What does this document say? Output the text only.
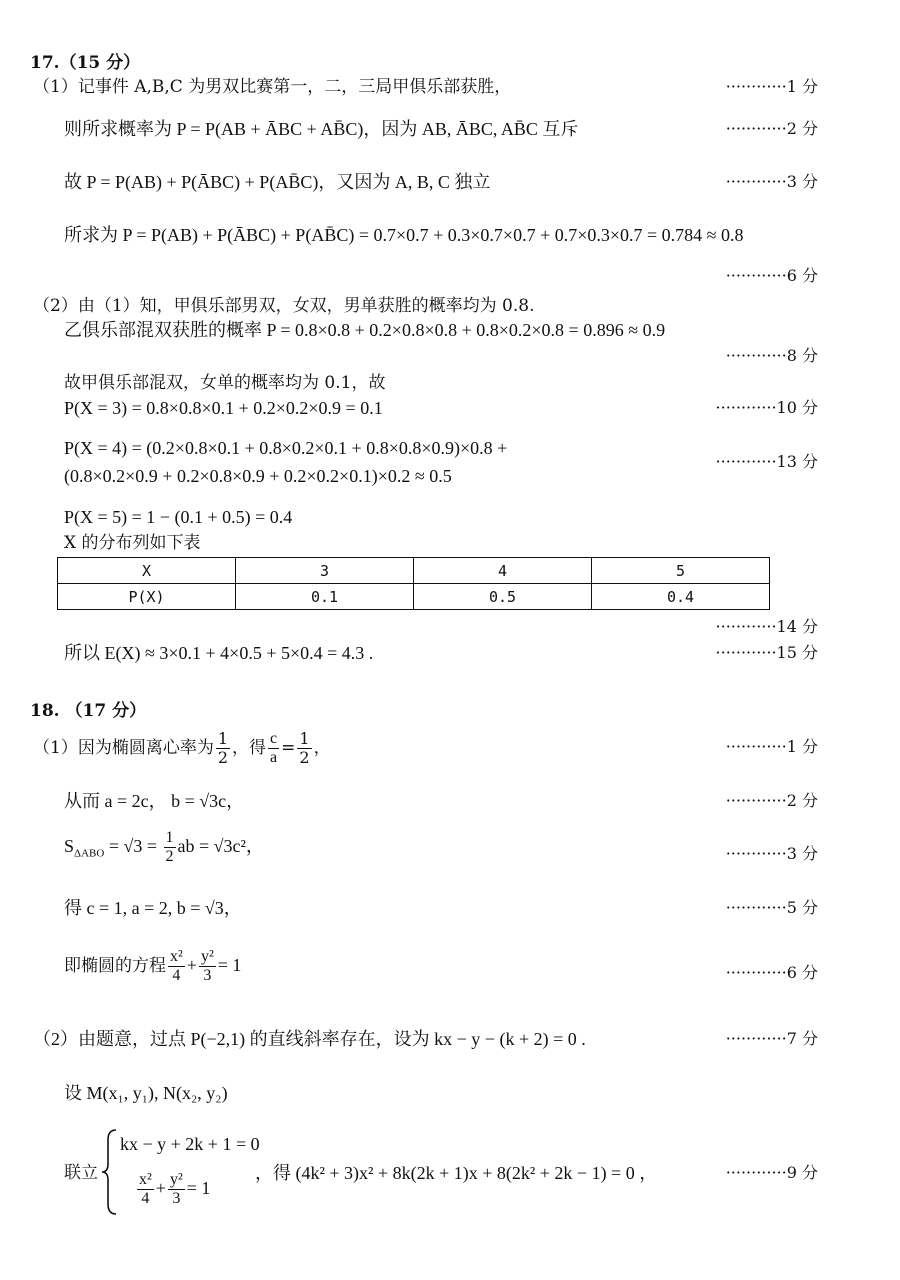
17.（15 分）
（1）记事件 A,B,C 为男双比赛第一，二，三局甲俱乐部获胜，	············1 分
则所求概率为 P = P(AB + ĀBC + AB̄C)，因为 AB, ĀBC, AB̄C 互斥	············2 分
故 P = P(AB) + P(ĀBC) + P(AB̄C)，又因为 A, B, C 独立	············3 分
所求为 P = P(AB) + P(ĀBC) + P(AB̄C) = 0.7×0.7 + 0.3×0.7×0.7 + 0.7×0.3×0.7 = 0.784 ≈ 0.8
············6 分
（2）由（1）知，甲俱乐部男双，女双，男单获胜的概率均为 0.8.
乙俱乐部混双获胜的概率 P = 0.8×0.8 + 0.2×0.8×0.8 + 0.8×0.2×0.8 = 0.896 ≈ 0.9
············8 分
故甲俱乐部混双，女单的概率均为 0.1，故
P(X = 3) = 0.8×0.8×0.1 + 0.2×0.2×0.9 = 0.1	············10 分
P(X = 4) = (0.2×0.8×0.1 + 0.8×0.2×0.1 + 0.8×0.8×0.9)×0.8 +
(0.8×0.2×0.9 + 0.2×0.8×0.9 + 0.2×0.2×0.1)×0.2 ≈ 0.5
············13 分
P(X = 5) = 1 − (0.1 + 0.5) = 0.4
X 的分布列如下表
X	3	4	5
P(X)	0.1	0.5	0.4
············14 分
所以 E(X) ≈ 3×0.1 + 4×0.5 + 5×0.4 = 4.3 .	············15 分
18. （17 分）
（1）因为椭圆离心率为 $\frac{1}{2}$ ，得 $\frac{c}{a} = \frac{1}{2}$ ，	············1 分
从而 a = 2c， b = √3c，	············2 分
$S_{\Delta ABO} = √3 = \frac{1}{2}$ ab = √3c²，	············3 分
得 c = 1, a = 2, b = √3，	············5 分
即椭圆的方程 $\frac{\text{x²}}{4} + \frac{\text{y²}}{3} = 1$	············6 分
（2）由题意，过点 P(−2,1) 的直线斜率存在，设为 kx − y − (k + 2) = 0 .	············7 分
设 M(x₁, y₁), N(x₂, y₂)
联立
kx − y + 2k + 1 = 0
$\frac{\text{x²}}{4} + \frac{\text{y²}}{3} = 1$
，得 (4k² + 3)x² + 8k(2k + 1)x + 8(2k² + 2k − 1) = 0 ，	············9 分
